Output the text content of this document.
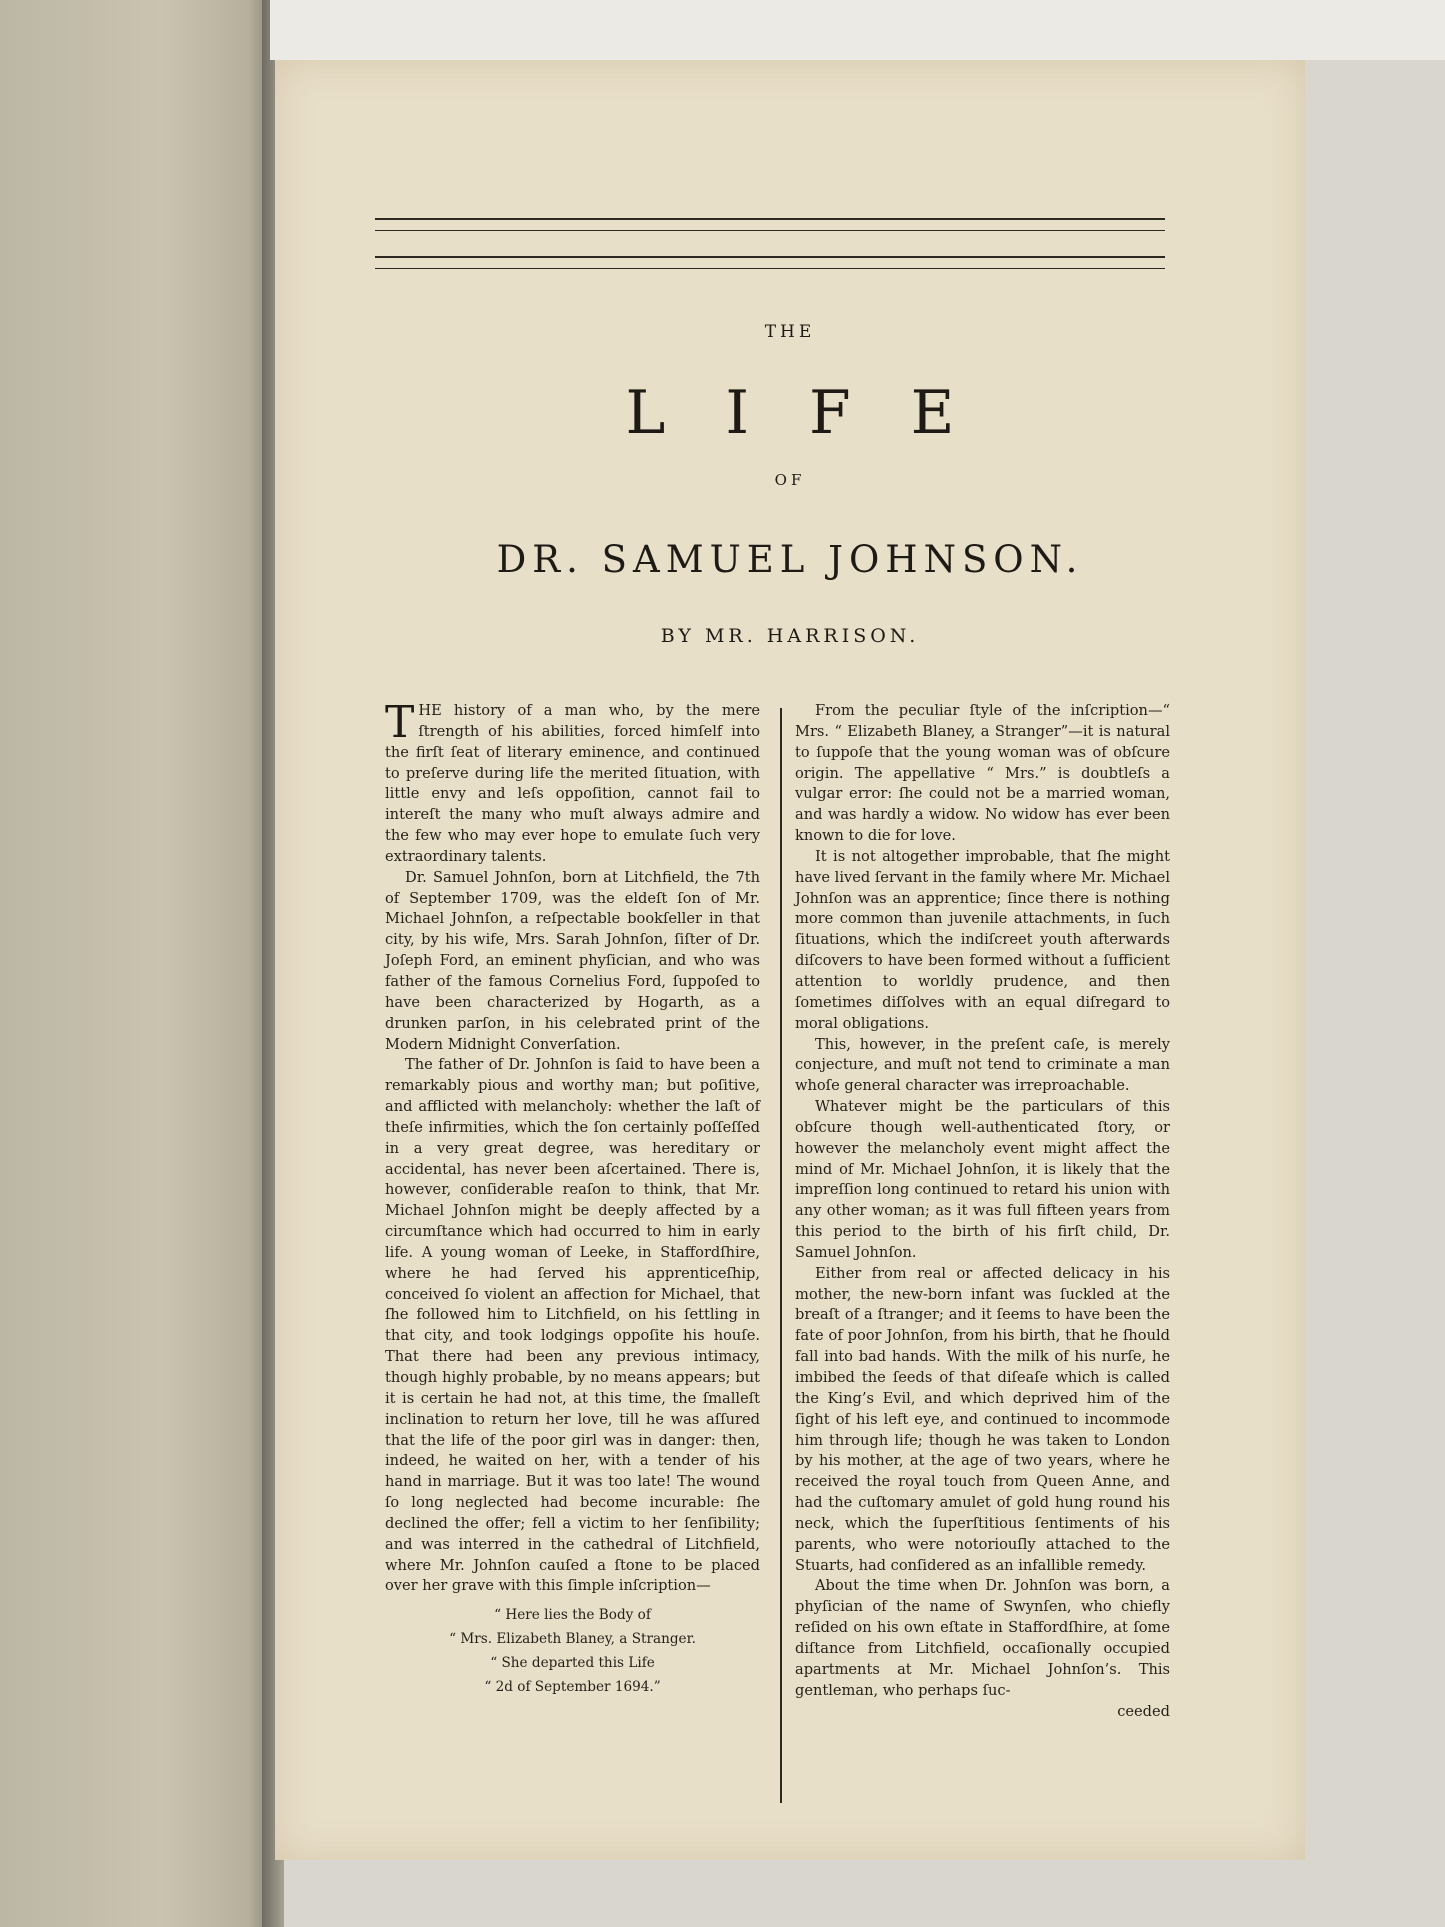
THE
LIFE
OF
DR. SAMUEL JOHNSON.
BY MR. HARRISON.

THE history of a man who, by the mere ſtrength of his abilities, forced himſelf into the firſt ſeat of literary eminence, and continued to preſerve during life the merited ſituation, with little envy and leſs oppoſition, cannot fail to intereſt the many who muſt always admire and the few who may ever hope to emulate ſuch very extraordinary talents.

Dr. Samuel Johnſon, born at Litchfield, the 7th of September 1709, was the eldeſt ſon of Mr. Michael Johnſon, a reſpectable bookſeller in that city, by his wife, Mrs. Sarah Johnſon, ſiſter of Dr. Joſeph Ford, an eminent phyſician, and who was father of the famous Cornelius Ford, ſuppoſed to have been characterized by Hogarth, as a drunken parſon, in his celebrated print of the Modern Midnight Converſation.

The father of Dr. Johnſon is ſaid to have been a remarkably pious and worthy man; but poſitive, and afflicted with melancholy: whether the laſt of theſe infirmities, which the ſon certainly poſſeſſed in a very great degree, was hereditary or accidental, has never been aſcertained. There is, however, conſiderable reaſon to think, that Mr. Michael Johnſon might be deeply affected by a circumſtance which had occurred to him in early life. A young woman of Leeke, in Staffordſhire, where he had ſerved his apprenticeſhip, conceived ſo violent an affection for Michael, that ſhe followed him to Litchfield, on his ſettling in that city, and took lodgings oppoſite his houſe. That there had been any previous intimacy, though highly probable, by no means appears; but it is certain he had not, at this time, the ſmalleſt inclination to return her love, till he was aſſured that the life of the poor girl was in danger: then, indeed, he waited on her, with a tender of his hand in marriage. But it was too late! The wound ſo long neglected had become incurable: ſhe declined the offer; fell a victim to her ſenſibility; and was interred in the cathedral of Litchfield, where Mr. Johnſon cauſed a ſtone to be placed over her grave with this ſimple inſcription—

“ Here lies the Body of
“ Mrs. Elizabeth Blaney, a Stranger.
“ She departed this Life
“ 2d of September 1694.”

From the peculiar ſtyle of the inſcription—“ Mrs. “ Elizabeth Blaney, a Stranger”—it is natural to ſuppoſe that the young woman was of obſcure origin. The appellative “ Mrs.” is doubtleſs a vulgar error: ſhe could not be a married woman, and was hardly a widow. No widow has ever been known to die for love.

It is not altogether improbable, that ſhe might have lived ſervant in the family where Mr. Michael Johnſon was an apprentice; ſince there is nothing more common than juvenile attachments, in ſuch ſituations, which the indiſcreet youth afterwards diſcovers to have been formed without a ſufficient attention to worldly prudence, and then ſometimes diſſolves with an equal diſregard to moral obligations.

This, however, in the preſent caſe, is merely conjecture, and muſt not tend to criminate a man whoſe general character was irreproachable.

Whatever might be the particulars of this obſcure though well-authenticated ſtory, or however the melancholy event might affect the mind of Mr. Michael Johnſon, it is likely that the impreſſion long continued to retard his union with any other woman; as it was full fifteen years from this period to the birth of his firſt child, Dr. Samuel Johnſon.

Either from real or affected delicacy in his mother, the new-born infant was ſuckled at the breaſt of a ſtranger; and it ſeems to have been the fate of poor Johnſon, from his birth, that he ſhould fall into bad hands. With the milk of his nurſe, he imbibed the ſeeds of that diſeaſe which is called the King’s Evil, and which deprived him of the ſight of his left eye, and continued to incommode him through life; though he was taken to London by his mother, at the age of two years, where he received the royal touch from Queen Anne, and had the cuſtomary amulet of gold hung round his neck, which the ſuperſtitious ſentiments of his parents, who were notoriouſly attached to the Stuarts, had conſidered as an infallible remedy.

About the time when Dr. Johnſon was born, a phyſician of the name of Swynſen, who chiefly reſided on his own eſtate in Staffordſhire, at ſome diſtance from Litchfield, occaſionally occupied apartments at Mr. Michael Johnſon’s. This gentleman, who perhaps ſuc-

ceeded
